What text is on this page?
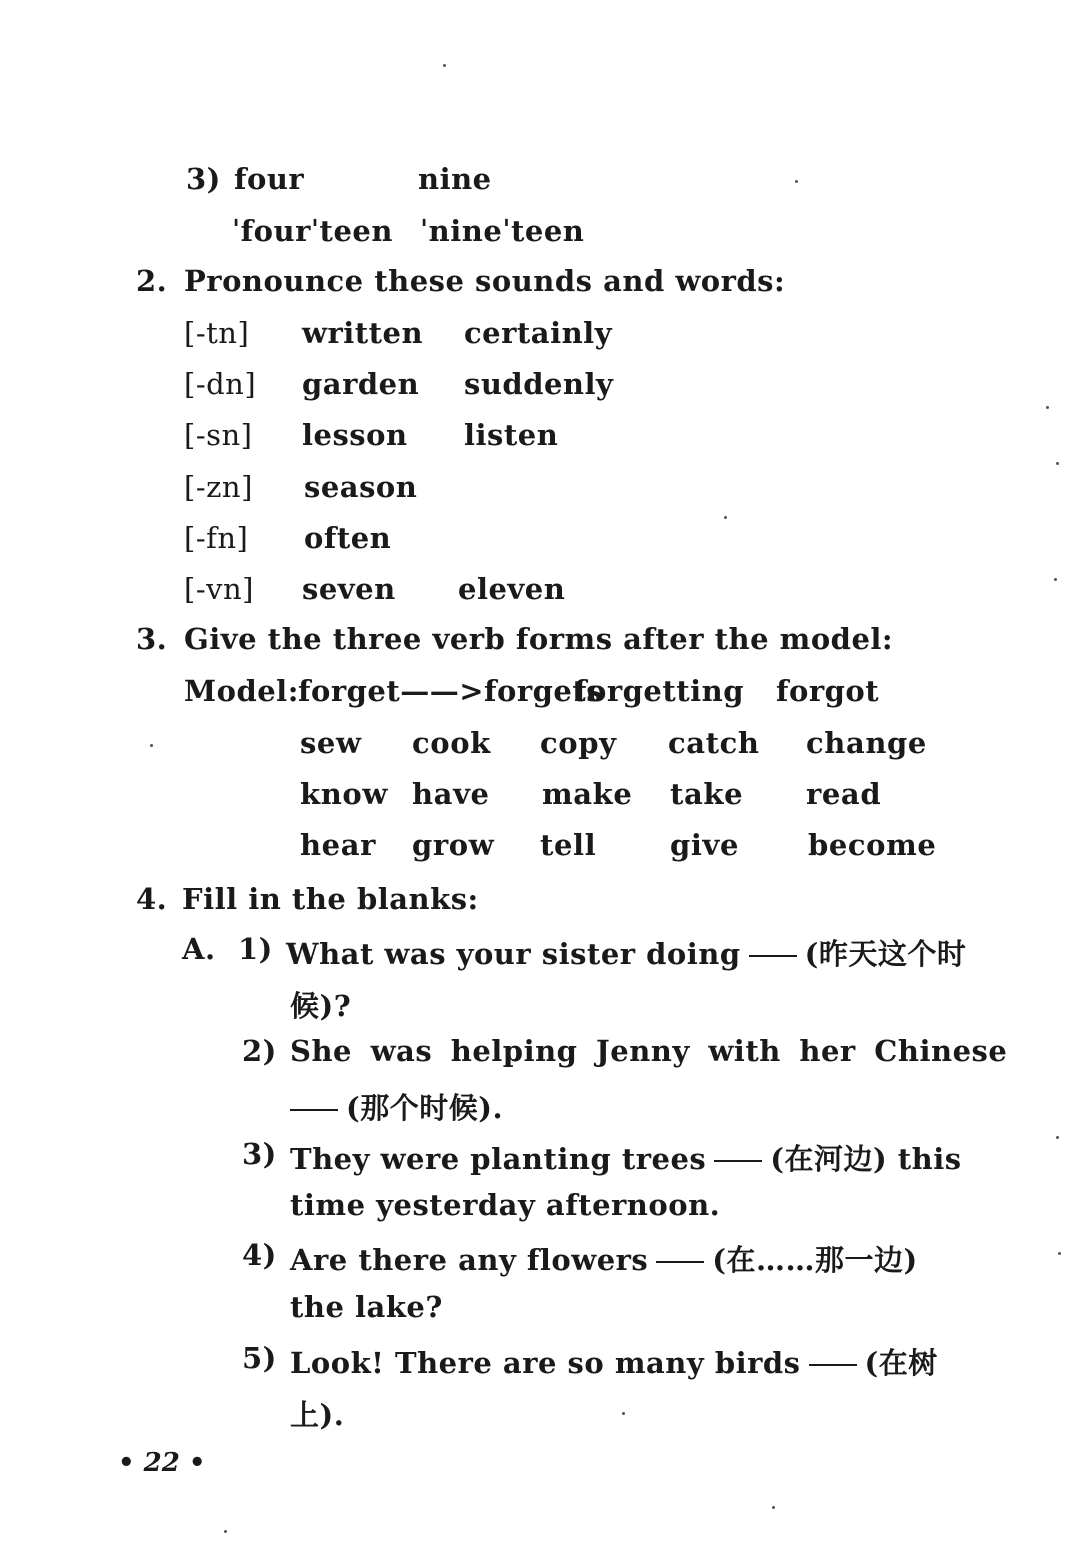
3) four	nine
ˈfourˈteen ˈnineˈteen
2. Pronounce these sounds and words:
[-tn] written certainly
[-dn] garden suddenly
[-sn] lesson listen
[-zn] season
[-fn] often
[-vn] seven eleven
3. Give the three verb forms after the model:
Model: forget——>forgets
forgetting forgot
sew cook copy catch change
know have make take read
hear grow tell	give become
4. Fill in the blanks:
A. 1) What was your sister doing (昨天这个时
候)?
2) She was helping Jenny with her Chinese
(那个时候).
3) They were planting trees (在河边) this
time yesterday afternoon.
4) Are there any flowers (在……那一边)
the lake?
5) Look! There are so many birds (在树
上).
• 22 •
